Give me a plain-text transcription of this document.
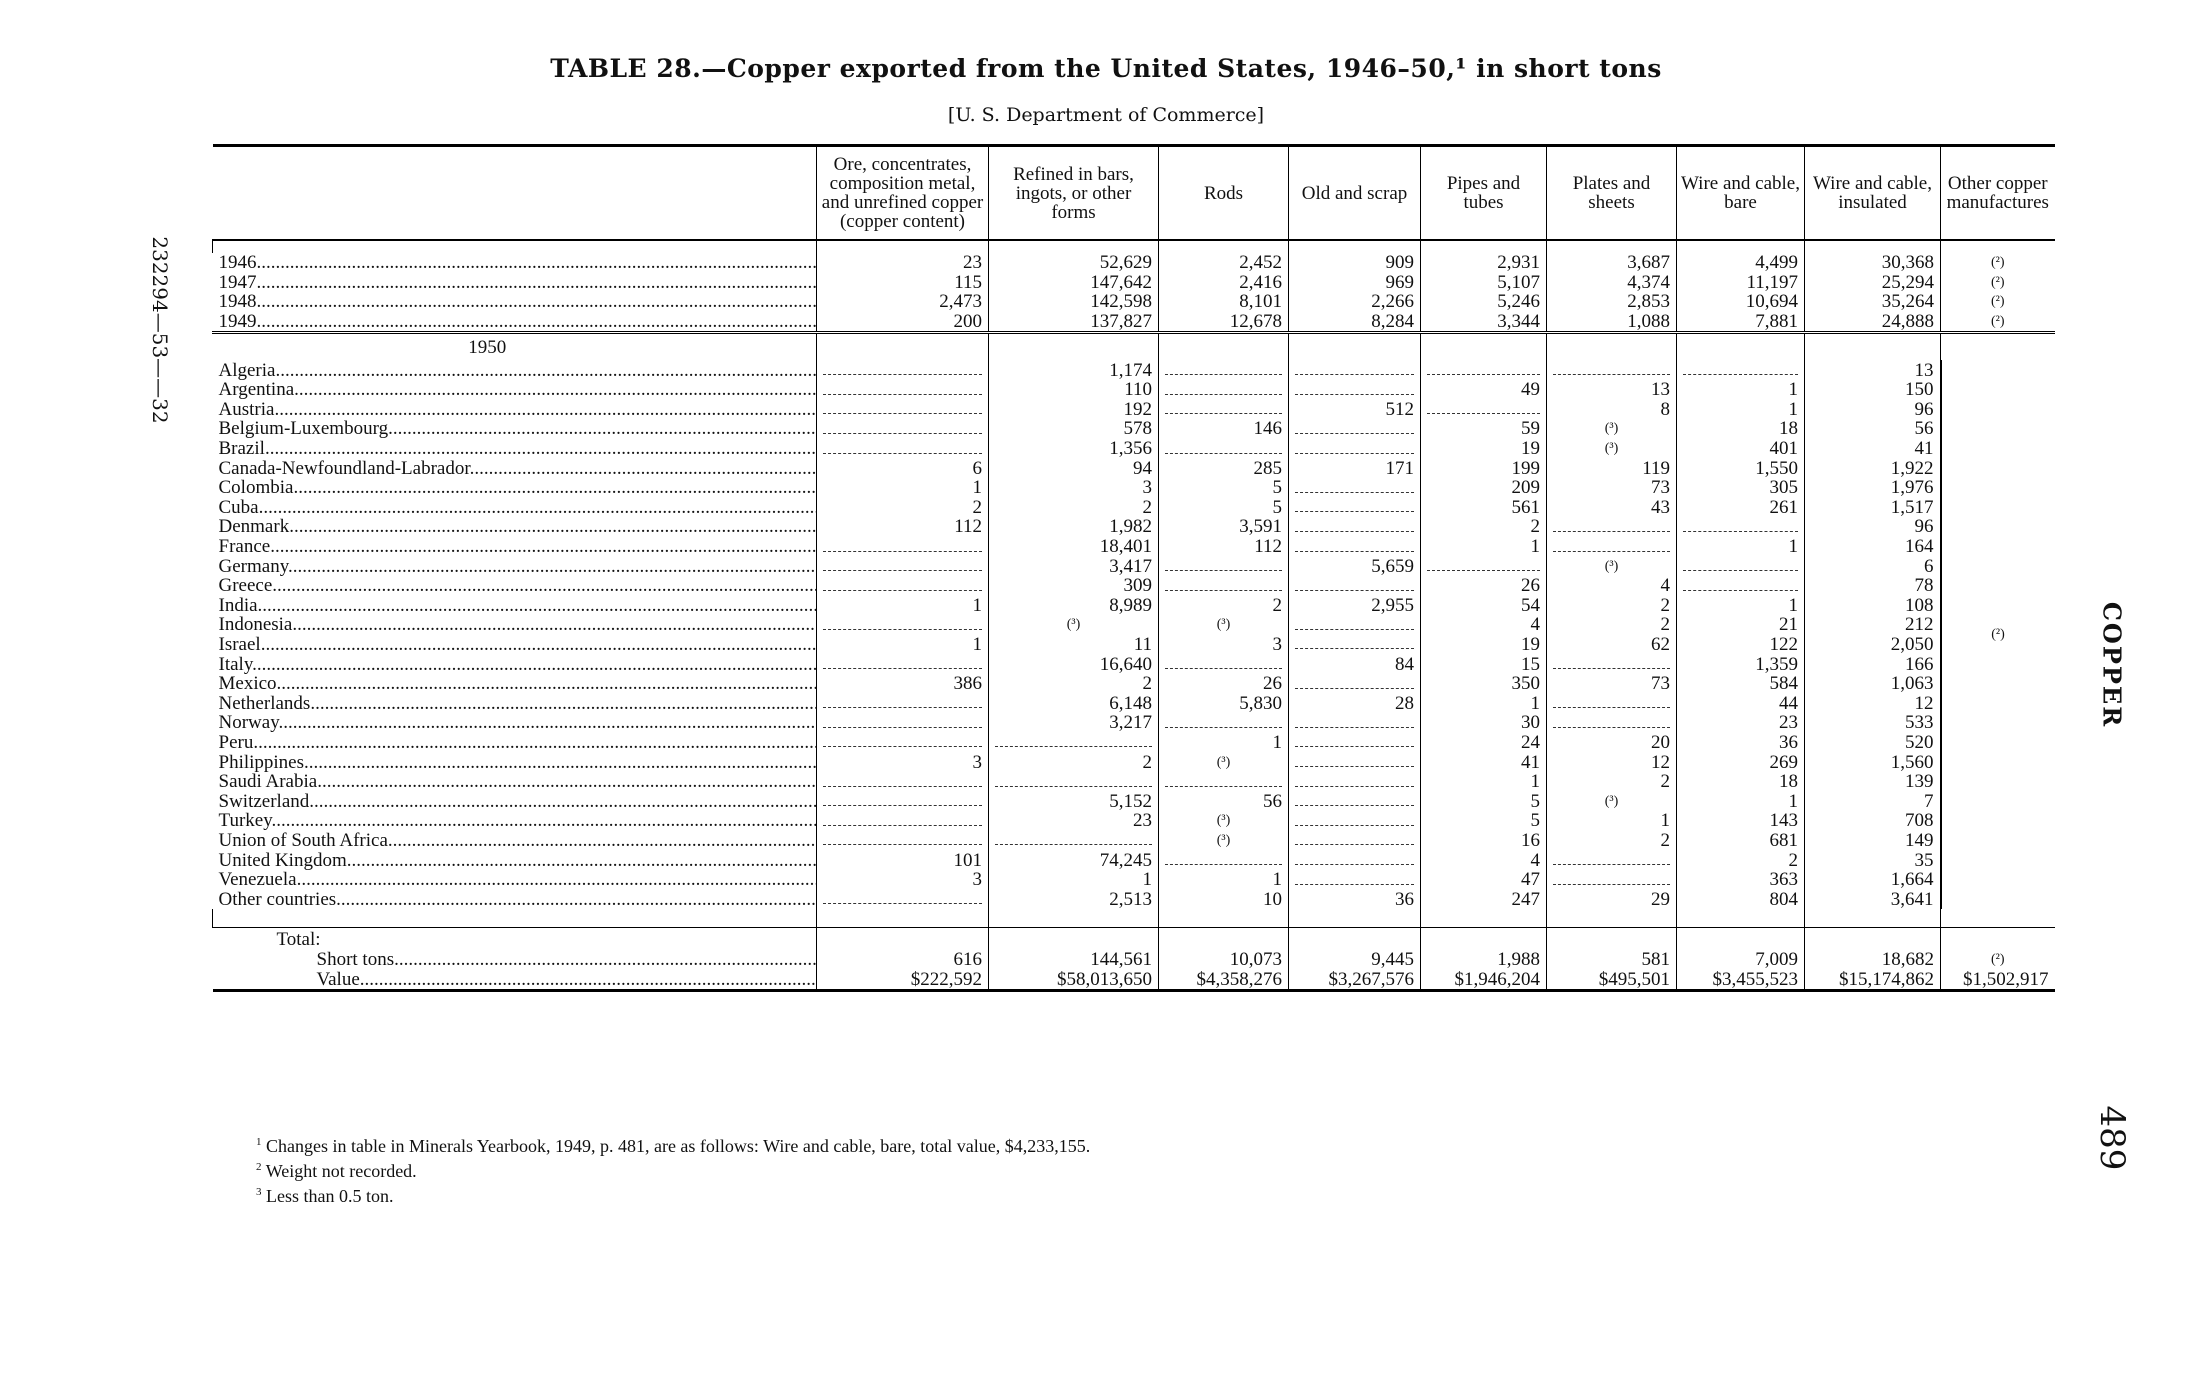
TABLE 28.—Copper exported from the United States, 1946–50,¹ in short tons
[U. S. Department of Commerce]
232294—53——32
COPPER
489
	Ore, concentrates, composition metal, and unrefined copper (copper content)	Refined in bars, ingots, or other forms	Rods	Old and scrap	Pipes and tubes	Plates and sheets	Wire and cable, bare	Wire and cable, insulated	Other copper manufactures

1946 .....	23	52,629	2,452	909	2,931	3,687	4,499	30,368	(²)
1947 .....	115	147,642	2,416	969	5,107	4,374	11,197	25,294	(²)
1948 .....	2,473	142,598	8,101	2,266	5,246	2,853	10,694	35,264	(²)
1949 .....	200	137,827	12,678	8,284	3,344	1,088	7,881	24,888	(²)

1950									
Algeria .....		1,174						13	(²)
Argentina .....		110			49	13	1	150	
Austria .....		192		512		8	1	96	
Belgium-Luxembourg .....		578	146		59	(³)	18	56	
Brazil .....		1,356			19	(³)	401	41	
Canada-Newfoundland-Labrador .....	6	94	285	171	199	119	1,550	1,922	
Colombia .....	1	3	5		209	73	305	1,976	
Cuba .....	2	2	5		561	43	261	1,517	
Denmark .....	112	1,982	3,591		2			96	
France .....		18,401	112		1		1	164	
Germany .....		3,417		5,659		(³)		6	
Greece .....		309			26	4		78	
India .....	1	8,989	2	2,955	54	2	1	108	
Indonesia .....		(³)	(³)		4	2	21	212	
Israel .....	1	11	3		19	62	122	2,050	
Italy .....		16,640		84	15		1,359	166	
Mexico .....	386	2	26		350	73	584	1,063	
Netherlands .....		6,148	5,830	28	1		44	12	
Norway .....		3,217			30		23	533	
Peru .....			1		24	20	36	520	
Philippines .....	3	2	(³)		41	12	269	1,560	
Saudi Arabia .....					1	2	18	139	
Switzerland .....		5,152	56		5	(³)	1	7	
Turkey .....		23	(³)		5	1	143	708	
Union of South Africa .....			(³)		16	2	681	149	
United Kingdom .....	101	74,245			4		2	35	
Venezuela .....	3	1	1		47		363	1,664	
Other countries .....		2,513	10	36	247	29	804	3,641	

Total:									
Short tons .....	616	144,561	10,073	9,445	1,988	581	7,009	18,682	(²)
Value .....	$222,592	$58,013,650	$4,358,276	$3,267,576	$1,946,204	$495,501	$3,455,523	$15,174,862	$1,502,917
$^1$ Changes in table in Minerals Yearbook, 1949, p. 481, are as follows: Wire and cable, bare, total value, $4,233,155.
$^2$ Weight not recorded.
$^3$ Less than 0.5 ton.
